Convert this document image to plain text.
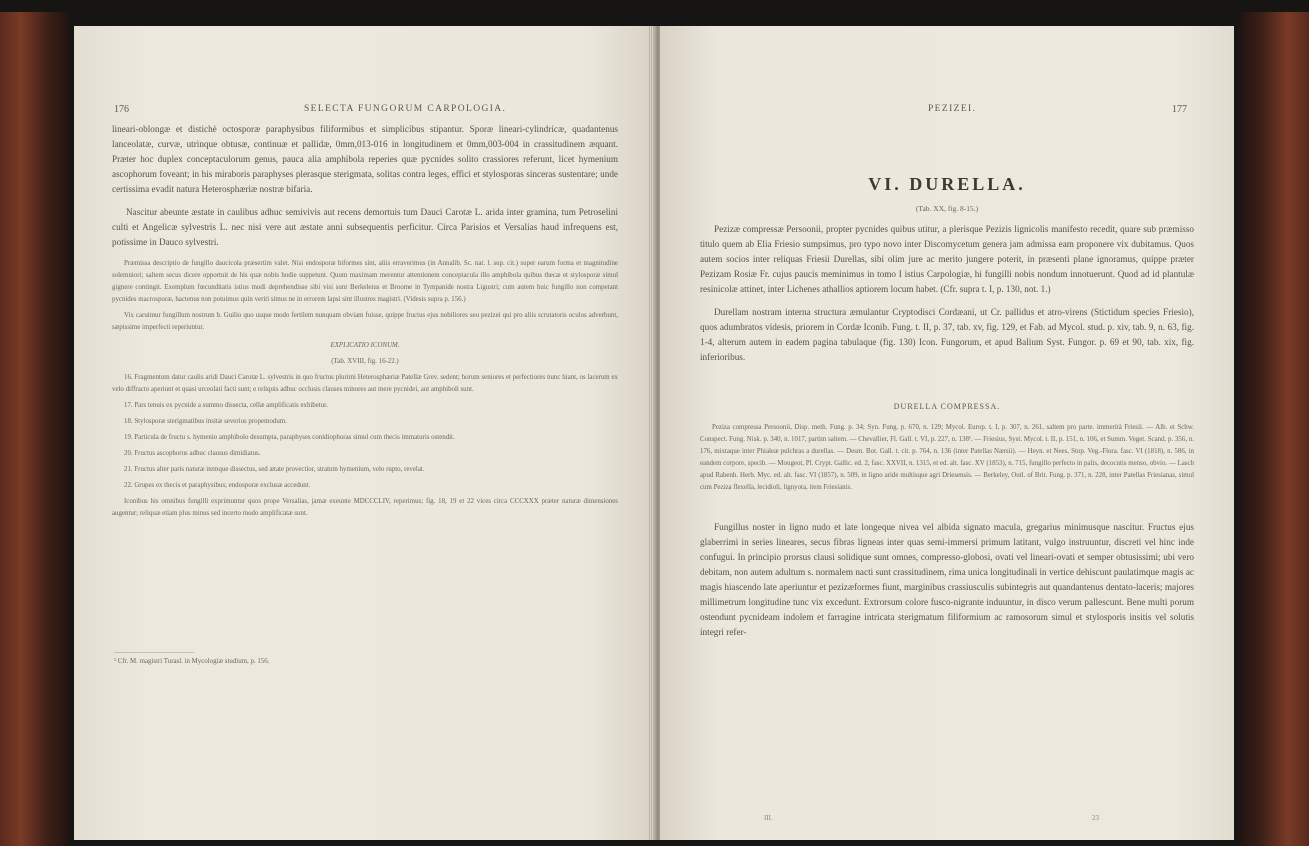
176	SELECTA FUNGORUM CARPOLOGIA.

lineari-oblongæ et distichè octosporæ paraphysibus filiformibus et simplicibus stipantur. Sporæ lineari-cylindricæ, quadantenus lanceolatæ, curvæ, utrinque obtusæ, continuæ et pallidæ, 0mm,013-016 in longitudinem et 0mm,003-004 in crassitudinem æquant. Præter hoc duplex conceptaculorum genus, pauca alia amphibola reperies quæ pycnides solito crassiores referunt, licet hymenium ascophorum foveant; in his miraboris paraphyses plerasque sterigmata, solitas contra leges, effici et stylosporas sinceras sustentare; unde certissima evadit natura Heterosphæriæ nostræ bifaria.

Nascitur abeunte æstate in caulibus adhuc semivivis aut recens demortuis tum Dauci Carotæ L. arida inter gramina, tum Petroselini culti et Angelicæ sylvestris L. nec nisi vere aut æstate anni subsequentis perficitur. Circa Parisios et Versalias haud infrequens est, potissime in Dauco sylvestri.

Præmissa descriptio de fungillo daucicola præsertim valet. Nisi endosporæ biformes sint, aliis erraverimus (in Annalib. Sc. nat. l. sup. cit.) super earum forma et magnitudine solemniori; saltem secus dicere opportuit de his quæ nobis hodie suppetunt. Quum maximam merentur attentionem conceptacula illo amphibola quibus thecæ et stylosporæ simul gignere contingit. Exemplum fœcunditatis istius modi deprehendisse sibi visi sunt Berkeleius et Broome in Tympanide nostra Ligustri; cum autem huic fungillo non competant pycnides macrosporæ, hactenus non potuimus quin veriti simus ne in errorem lapsi sint illustres magistri. (Videsis supra p. 156.)

Vix caruimur fungillum nostrum b. Guilio quo usque modo fertilem nunquam obviam fuisse, quippe fructus ejus nobiliores seu pezizei qui pro aliis scrutatoris oculos adverbunt, sæpissime imperfecti reperiuntur.

EXPLICATIO ICONUM.

(Tab. XVIII, fig. 16-22.)

16. Fragmentum datur caulis aridi Dauci Carotæ L. sylvestris in quo fructus plurimi Heterosphæriæ Patellæ Grev. sedent; horum seniores et perfectiores nunc hiant, os lacerum ex velo diffracto aperiunt et quasi urceolati facti sunt; e reliquis adhuc occlusis clauses minores aut mere pycnidei, aut amphiboli sunt.

17. Pars tenuis ex pycnide a summo dissecta, cellæ amplificatis exhibetur.

18. Stylosporæ sterigmatibus insitæ severius propemodum.

19. Particula de fructu s. hymenio amphibolo desumpta, paraphyses conidiophoras simul cum thecis immaturis ostendit.

20. Fructus ascophorus adhuc clausus dimidiatus.

21. Fructus alter paris naturæ itemque dissectus, sed ætate provectior, stratum hymenium, velo rupto, revelat.

22. Grupes ex thecis et paraphysibus; endosporæ exclusæ accedunt.

Iconibus his omnibus fungilli exprimuntur quos prope Versalias, jamæ exeunte MDCCCLIV, reperimus; fig. 18, 19 et 22 vices circa CCCXXX præter naturæ dimensiones augentur; reliquæ etiam plus minus sed incerto modo amplificatæ sunt.

¹ Cfr. M. magistri Turasl. in Mycologiæ studium, p. 156.
PEZIZEI.	177
VI. DURELLA.
(Tab. XX, fig. 8-15.)

Pezizæ compressæ Persoonii, propter pycnides quibus utitur, a plerisque Pezizis lignicolis manifesto recedit, quare sub præmisso titulo quem ab Elia Friesio sumpsimus, pro typo novo inter Discomycetum genera jam admissa eam proponere vix dubitamus. Quos autem socios inter reliquas Friesii Durellas, sibi olim jure ac merito jungere poterit, in præsenti plane ignoramus, quippe præter Pezizam Rosiæ Fr. cujus paucis meminimus in tomo I istius Carpologiæ, hi fungilli nobis nondum innotuerunt. Quod ad id plantulæ resinicolæ attinet, inter Lichenes athallios aptiorem locum habet. (Cfr. supra t. I, p. 130, not. 1.)

Durellam nostram interna structura æmulantur Cryptodisci Cordæani, ut Cr. pallidus et atro-virens (Stictidum species Friesio), quos adumbratos videsis, priorem in Cordæ Iconib. Fung. t. II, p. 37, tab. xv, fig. 129, et Fab. ad Mycol. stud. p. xiv, tab. 9, n. 63, fig. 1-4, alterum autem in eadem pagina tabulaque (fig. 130) Icon. Fungorum, et apud Balium Syst. Fungor. p. 69 et 90, tab. xix, fig. inferioribus.

DURELLA COMPRESSA.
Peziza compressa Persoonii, Disp. meth. Fung. p. 34; Syn. Fung. p. 670, n. 129; Mycol. Europ. t. I, p. 307, n. 261, saltem pro parte. immerità Friesii. — Alb. et Schw. Conspect. Fung. Nisk. p. 340, n. 1017, partim saltem. — Chevallier, Fl. Gall. t. VI, p. 227, n. 138¹. — Friesius, Syst. Mycol. t. II, p. 151, n. 106, et Summ. Veget. Scand. p. 356, n. 176, mixtaque inter Phialeæ pulchras a durellas. — Desm. Bot. Gall. t. cit. p. 764, n. 136 (inter Patellas Nærsii). — Heyn. et Nees, Stop. Veg.-Flora. fasc. VI (1818), n. 586, in eandem corpore, specib. — Mougeot, Pl. Crypt. Gallic. ed. 2, fasc. XXVII, n. 1315, et ed. alt. fasc. XV (1853), n. 715, fungillo perfecto in palis, decocutis menso, obvio. — Lasch apud Rabenh. Herb. Myc. ed. alt. fasc. VI (1857), n. 509, in ligno aride multisque agri Driesensis. — Berkeley, Outl. of Brit. Fung. p. 371, n. 228, inter Patellas Friesianas, simul cum Peziza flexella, lecidioli, lignyota, item Friesianis.
Fungillus noster in ligno nudo et late longeque nivea vel albida signato macula, gregarius minimusque nascitur. Fructus ejus glaberrimi in series lineares, secus fibras ligneas inter quas semi-immersi primum latitant, vulgo instruuntur, discreti vel hinc inde confugui. In principio prorsus clausi solidique sunt omnes, compresso-globosi, ovati vel lineari-ovati et semper obtusissimi; ubi vero debitam, non autem adultum s. normalem nacti sunt crassitudinem, rima unica longitudinali in vertice dehiscunt paulatimque magis ac magis hiascendo late aperiuntur et pezizæformes fiunt, marginibus crassiusculis subintegris aut quandantenus dentato-laceris; majores millimetrum longitudine tunc vix excedunt. Extrorsum colore fusco-nigrante induuntur, in disco verum pallescunt. Bene multi porum ostendunt pycnideam indolem et farragine intricata sterigmatum filiformium ac ramosorum simul et stylosporis insitis vel solutis integri refer-
III.	23
